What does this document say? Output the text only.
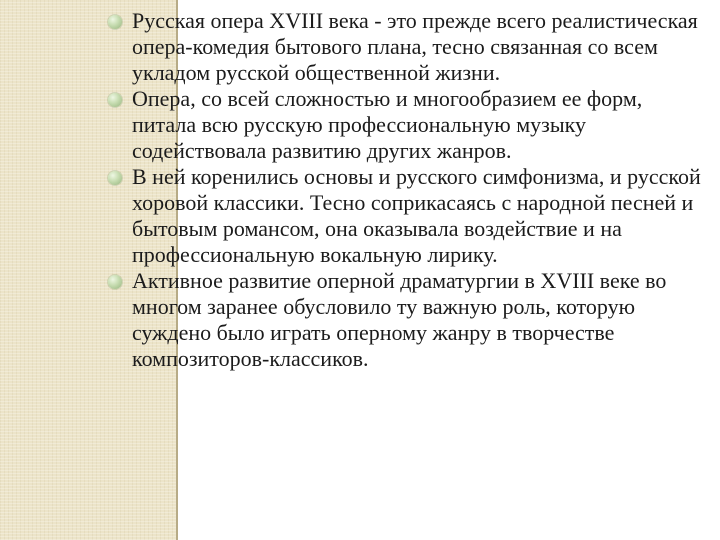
Русская опера XVIII века - это прежде всего реалистическая опера-комедия бытового плана, тесно связанная со всем укладом русской общественной жизни.
Опера, со всей сложностью и многообразием ее форм, питала всю русскую профессиональную музыку содействовала развитию других жанров.
В ней коренились основы и русского симфонизма, и русской хоровой классики. Тесно соприкасаясь с народной песней и бытовым романсом, она оказывала воздействие и на профессиональную вокальную лирику.
Активное развитие оперной драматургии в XVIII веке во многом заранее обусловило ту важную роль, которую суждено было играть оперному жанру в творчестве композиторов-классиков.
